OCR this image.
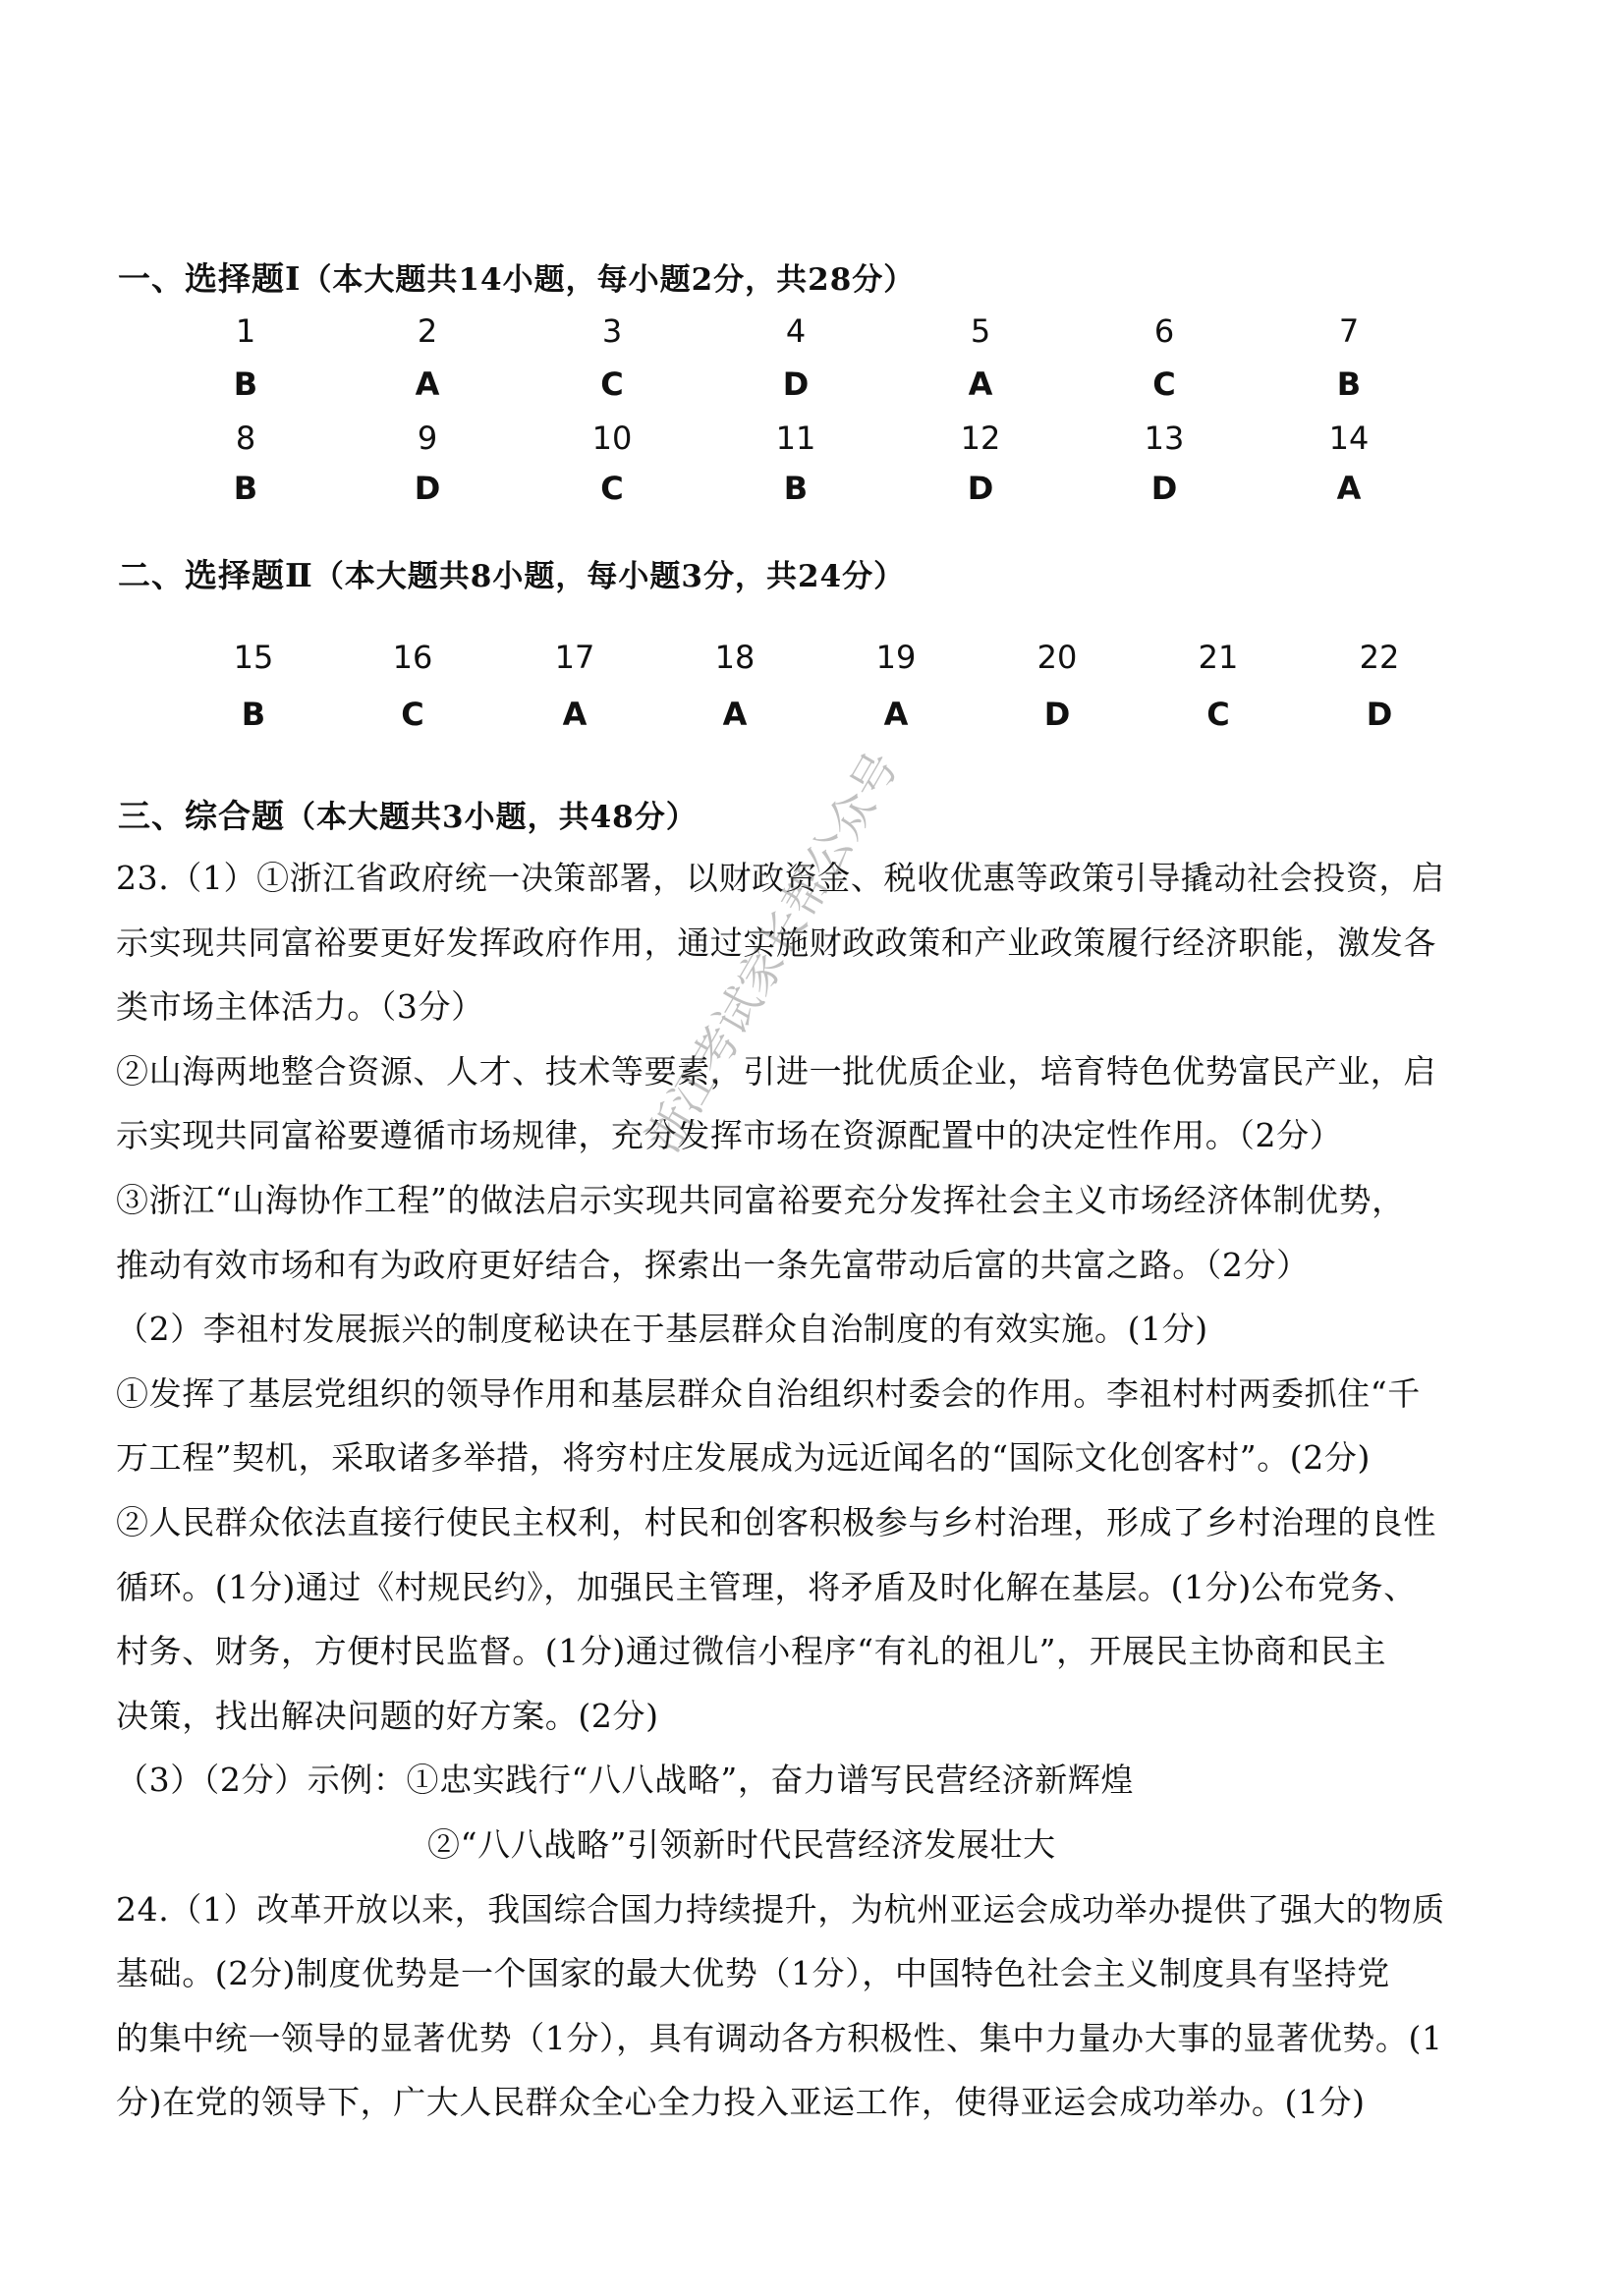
一、选择题Ⅰ（本大题共14小题，每小题2分，共28分）
1	2	3	4	5	6	7
B	A	C	D	A	C	B
8	9	10	11	12	13	14
B	D	C	B	D	D	A
二、选择题Ⅱ（本大题共8小题，每小题3分，共24分）
15	16	17	18	19	20	21	22
B	C	A	A	A	D	C	D
三、综合题（本大题共3小题，共48分）
23.（1）①浙江省政府统一决策部署，以财政资金、税收优惠等政策引导撬动社会投资，启
示实现共同富裕要更好发挥政府作用，通过实施财政政策和产业政策履行经济职能，激发各
类市场主体活力。（3分）
②山海两地整合资源、人才、技术等要素，引进一批优质企业，培育特色优势富民产业，启
示实现共同富裕要遵循市场规律，充分发挥市场在资源配置中的决定性作用。（2分）
③浙江“山海协作工程”的做法启示实现共同富裕要充分发挥社会主义市场经济体制优势，
推动有效市场和有为政府更好结合，探索出一条先富带动后富的共富之路。（2分）
（2）李祖村发展振兴的制度秘诀在于基层群众自治制度的有效实施。(1分)
①发挥了基层党组织的领导作用和基层群众自治组织村委会的作用。李祖村村两委抓住“千
万工程”契机，采取诸多举措，将穷村庄发展成为远近闻名的“国际文化创客村”。(2分)
②人民群众依法直接行使民主权利，村民和创客积极参与乡村治理，形成了乡村治理的良性
循环。(1分)通过《村规民约》，加强民主管理，将矛盾及时化解在基层。(1分)公布党务、
村务、财务，方便村民监督。(1分)通过微信小程序“有礼的祖儿”，开展民主协商和民主
决策，找出解决问题的好方案。(2分)
（3）（2分）示例：①忠实践行“八八战略”，奋力谱写民营经济新辉煌
②“八八战略”引领新时代民营经济发展壮大
24.（1）改革开放以来，我国综合国力持续提升，为杭州亚运会成功举办提供了强大的物质
基础。(2分)制度优势是一个国家的最大优势（1分），中国特色社会主义制度具有坚持党
的集中统一领导的显著优势（1分），具有调动各方积极性、集中力量办大事的显著优势。(1
分)在党的领导下，广大人民群众全心全力投入亚运工作，使得亚运会成功举办。(1分)
浙江考试家长帮公众号
